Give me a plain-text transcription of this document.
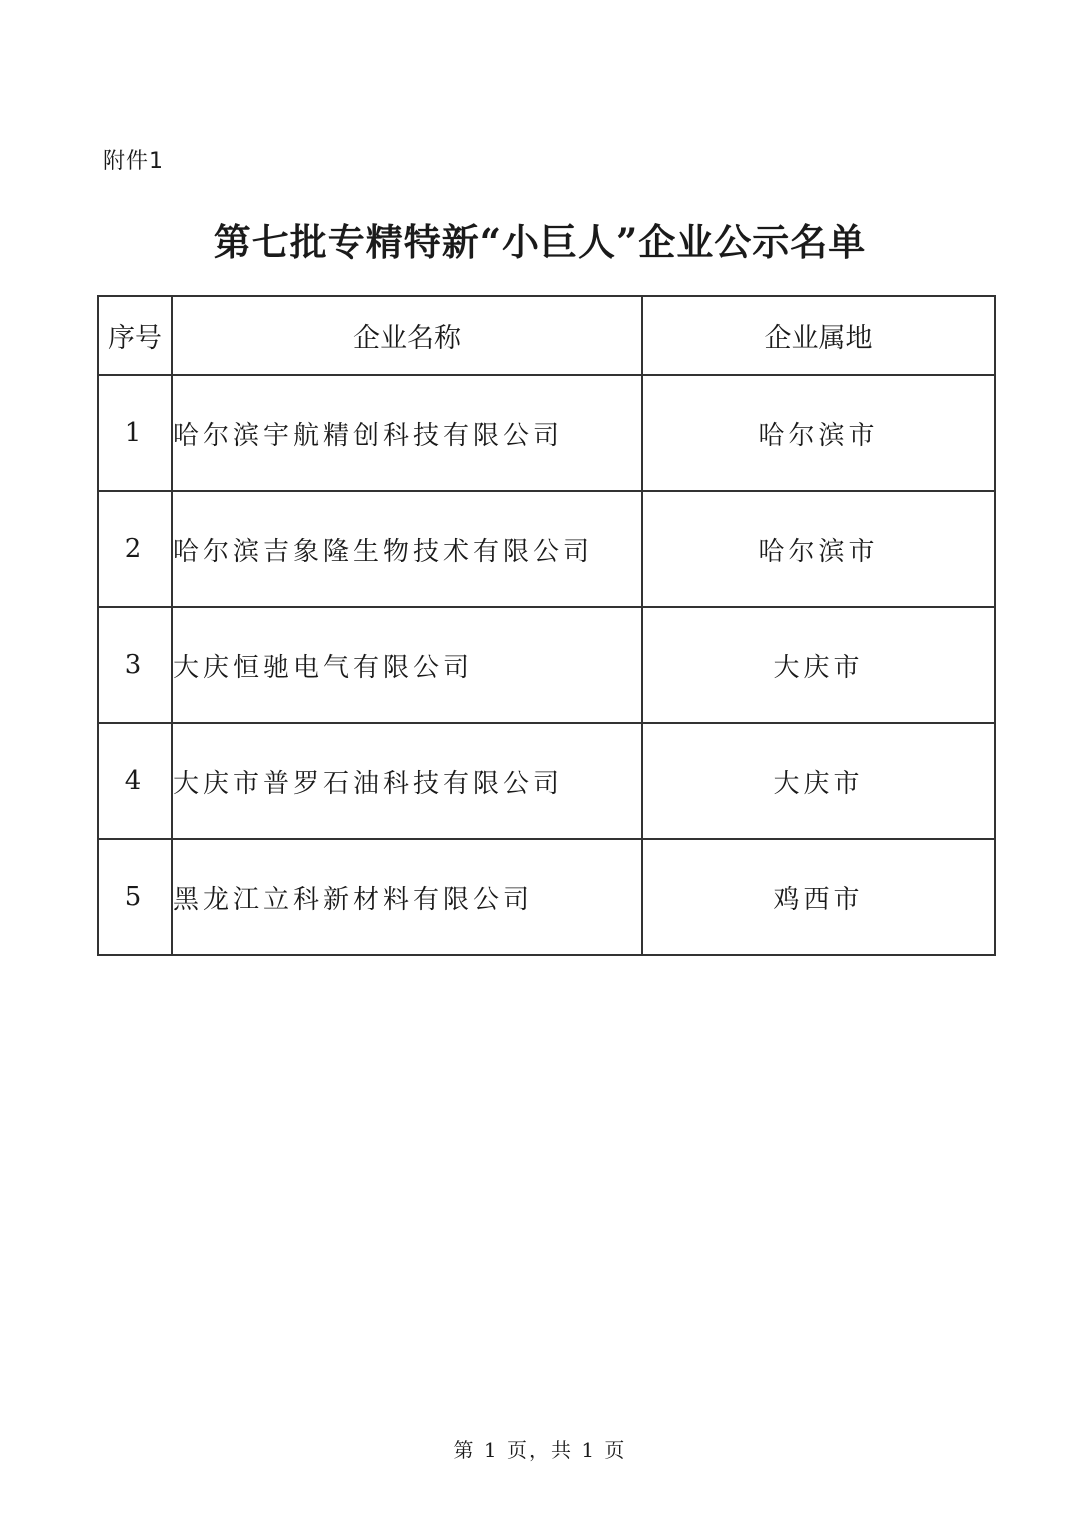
附件1
第七批专精特新“小巨人”企业公示名单
序号	企业名称	企业属地
1	哈尔滨宇航精创科技有限公司	哈尔滨市
2	哈尔滨吉象隆生物技术有限公司	哈尔滨市
3	大庆恒驰电气有限公司	大庆市
4	大庆市普罗石油科技有限公司	大庆市
5	黑龙江立科新材料有限公司	鸡西市
第 1 页，共 1 页
